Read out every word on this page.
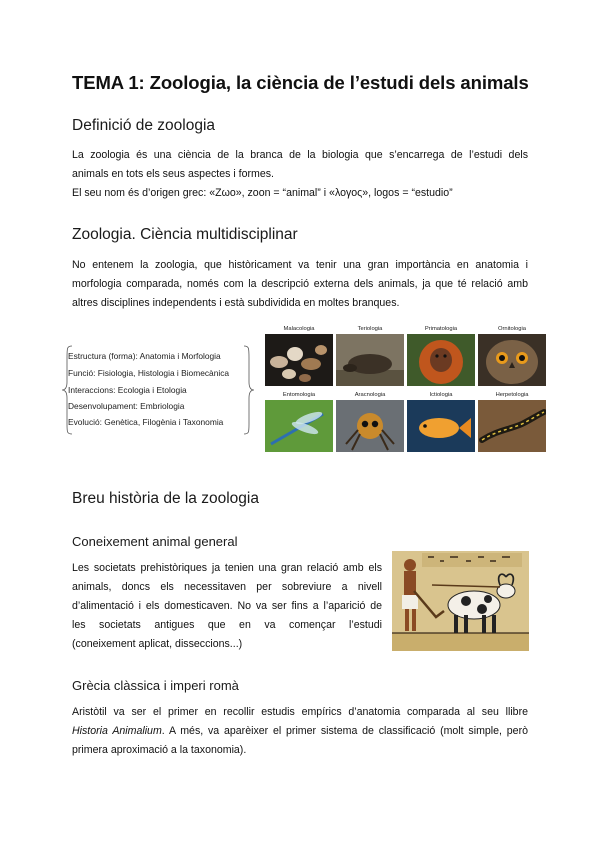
TEMA 1: Zoologia, la ciència de l’estudi dels animals
Definició de zoologia
La zoologia és una ciència de la branca de la biologia que s’encarrega de l’estudi dels
animals en tots els seus aspectes i formes.
El seu nom és d’origen grec: «Ζωο», zoon = “animal” i «λογος», logos = “estudio”
Zoologia. Ciència multidisciplinar
No entenem la zoologia, que històricament va tenir una gran importància en anatomia i
morfologia comparada, només com la descripció externa dels animals, ja que té relació amb
altres disciplines independents i està subdividida en moltes branques.
Estructura (forma): Anatomia i Morfologia
Funció: Fisiologia, Histologia i Biomecànica
Interaccions: Ecologia i Etologia
Desenvolupament: Embriologia
Evolució: Genètica, Filogènia i Taxonomia
Malacologia	Teriologia	Primatologia	Ornitologia
Entomologia	Aracnologia	Ictiologia	Herpetologia
Breu història de la zoologia
Coneixement animal general
Les societats prehistòriques ja tenien una gran relació amb els
animals, doncs els necessitaven per sobreviure a nivell
d’alimentació i els domesticaven. No va ser fins a l’aparició de
les societats antigues que en va començar l’estudi
(coneixement aplicat, disseccions...)
Grècia clàssica i imperi romà
Aristòtil va ser el primer en recollir estudis empírics d’anatomia comparada al seu llibre
Historia Animalium. A més, va aparèixer el primer sistema de classificació (molt simple, però
primera aproximació a la taxonomia).
